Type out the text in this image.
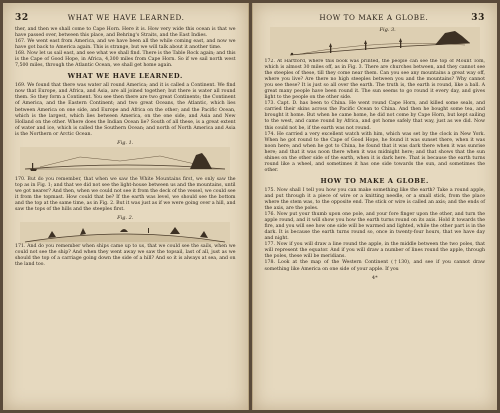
32	WHAT WE HAVE LEARNED.

ther, and then we shall come to Cape Horn. Here it is. How very wide this ocean is that we have passed over, between this place, and Behring's Straits, and the East Indies.
167. We went east from America, and we have been all the while coming east, and now we have got back to America again. This is strange, but we will talk about it another time.
168. Now let us sail east, and see what we shall find. There is the Table Rock again; and this is the Cape of Good Hope, in Africa, 4,300 miles from Cape Horn. So if we sail north west 7,500 miles, through the Atlantic Ocean, we shall get home again.

WHAT WE HAVE LEARNED.

169. We found that there was water all round America; and it is called a Continent. We find now that Europe, and Africa, and Asia, are all joined together; but there is water all round them. So they form a Continent. You see then there are two great Continents; the Continent of America, and the Eastern Continent; and two great Oceans, the Atlantic, which lies between America on one side, and Europe and Africa on the other; and the Pacific Ocean, which is the largest, which lies between America, on the one side, and Asia and New Holland on the other. Where does the Indian Ocean lie? South of all these, is a great extent of water and ice, which is called the Southern Ocean; and north of North America and Asia is the Northern or Arctic Ocean.

Fig. 1.

170. But do you remember, that when we saw the White Mountains first, we only saw the top as in Fig. 1; and that we did not see the light-house between us and the mountains, until we got nearer? And then, when we could not see it from the deck of the vessel, we could see it from the topmast. How could that be? If the earth was level, we should see the bottom and the top at the same time, as in Fig. 2. But it was just as if we were going over a hill, and saw the tops of the hills and the steeples first.

Fig. 2.

171. And do you remember when ships came up to us, that we could see the sails, when we could not see the ship? And when they went away we saw the topsail, last of all, just as we should the top of a carriage going down the side of a hill? And so it is always at sea, and on the land too.

HOW TO MAKE A GLOBE.	33
Fig. 3.

172. At Hartford, where this book was printed, the people can see the top of Mount Tom, which is almost 30 miles off, as in Fig. 3. There are churches between, and they cannot see the steeples of these, till they come near them. Can you see any mountains a great way off, where you live? Are there no high steeples between you and the mountains? Why cannot you see these? It is just so all over the earth. The truth is, the earth is round, like a ball. A great many people have been round it. The sun seems to go round it every day, and gives light to the people on the other side.
173. Capt. D. has been to China. He went round Cape Horn, and killed some seals, and carried their skins across the Pacific Ocean to China. And then he bought some tea, and brought it home. But when he came home, he did not come by Cape Horn, but kept sailing to the west, and came round by Africa, and got home safely that way, just as we did. Now this could not be, if the earth was not round.
174. He carried a very excellent watch with him, which was set by the clock in New York. When he got round to the Cape of Good Hope, he found it was sunset there, when it was noon here; and when he got to China, he found that it was dark there when it was sunrise here; and that it was noon there when it was midnight here; and that shows that the sun shines on the other side of the earth, when it is dark here. That is because the earth turns round like a wheel, and sometimes it has one side towards the sun, and sometimes the other.

HOW TO MAKE A GLOBE.

175. Now shall I tell you how you can make something like the earth? Take a round apple, and put through it a piece of wire or a knitting needle, or a small stick, from the place where the stem was, to the opposite end. The stick or wire is called an axis; and the ends of the axis, are the poles.
176. Now put your thumb upon one pole, and your fore finger upon the other, and turn the apple round, and it will show you how the earth turns round on its axis. Hold it towards the fire, and you will see how one side will be warmed and lighted, while the other part is in the dark. It is because the earth turns round so, once in twenty-four hours, that we have day and night.
177. Now if you will draw a line round the apple, in the middle between the two poles, that will represent the equator. And if you will draw a number of lines round the apple, through the poles, these will be meridians.
178. Look at the map of the Western Continent (†130), and see if you cannot draw something like America on one side of your apple. If you

4*
